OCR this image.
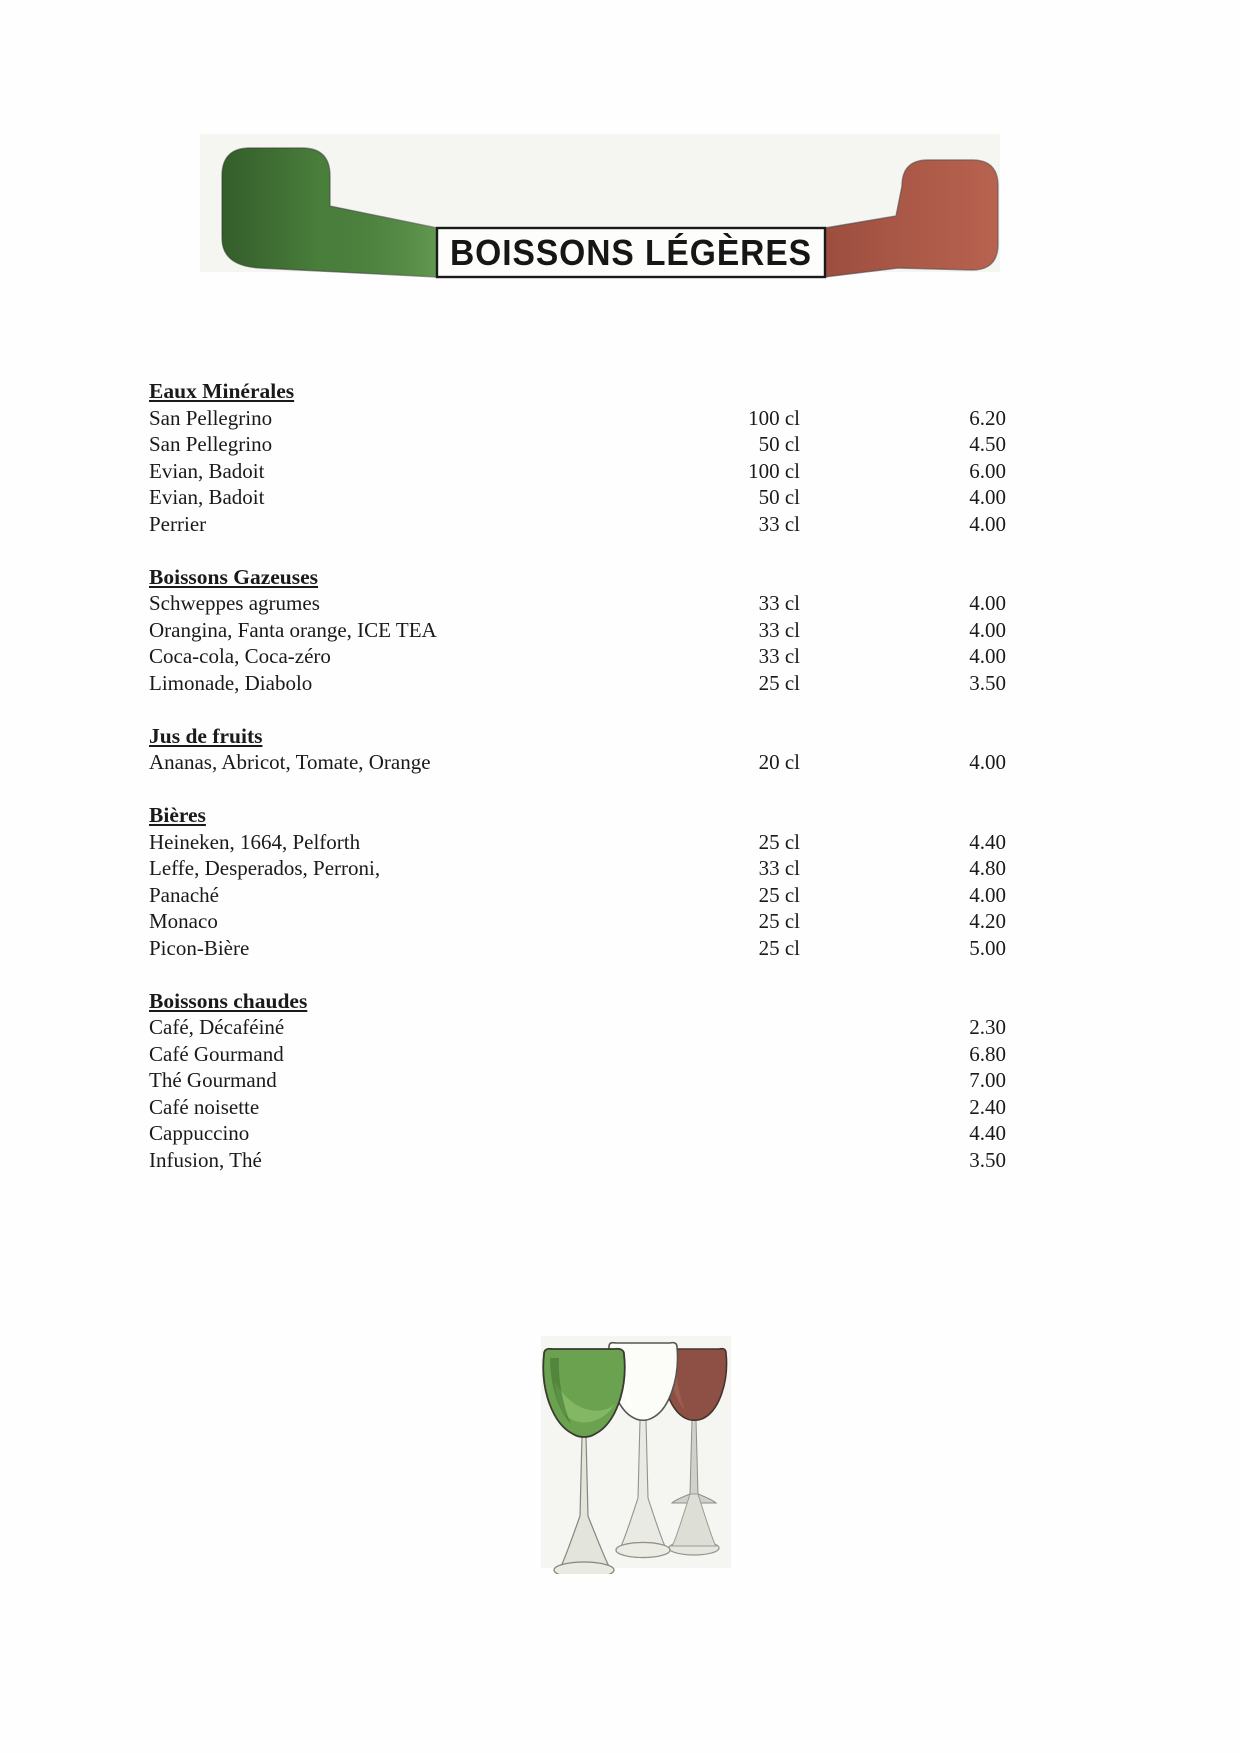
BOISSONS LÉGÈRES
Eaux Minérales
San Pellegrino	100 cl	6.20
San Pellegrino	50 cl	4.50
Evian, Badoit	100 cl	6.00
Evian, Badoit	50 cl	4.00
Perrier	33 cl	4.00
Boissons Gazeuses
Schweppes agrumes	33 cl	4.00
Orangina, Fanta orange, ICE TEA	33 cl	4.00
Coca-cola, Coca-zéro	33 cl	4.00
Limonade, Diabolo	25 cl	3.50
Jus de fruits
Ananas, Abricot, Tomate, Orange	20 cl	4.00
Bières
Heineken, 1664, Pelforth	25 cl	4.40
Leffe, Desperados, Perroni,	33 cl	4.80
Panaché	25 cl	4.00
Monaco	25 cl	4.20
Picon-Bière	25 cl	5.00
Boissons chaudes
Café, Décaféiné	2.30
Café Gourmand	6.80
Thé Gourmand	7.00
Café noisette	2.40
Cappuccino	4.40
Infusion, Thé	3.50
